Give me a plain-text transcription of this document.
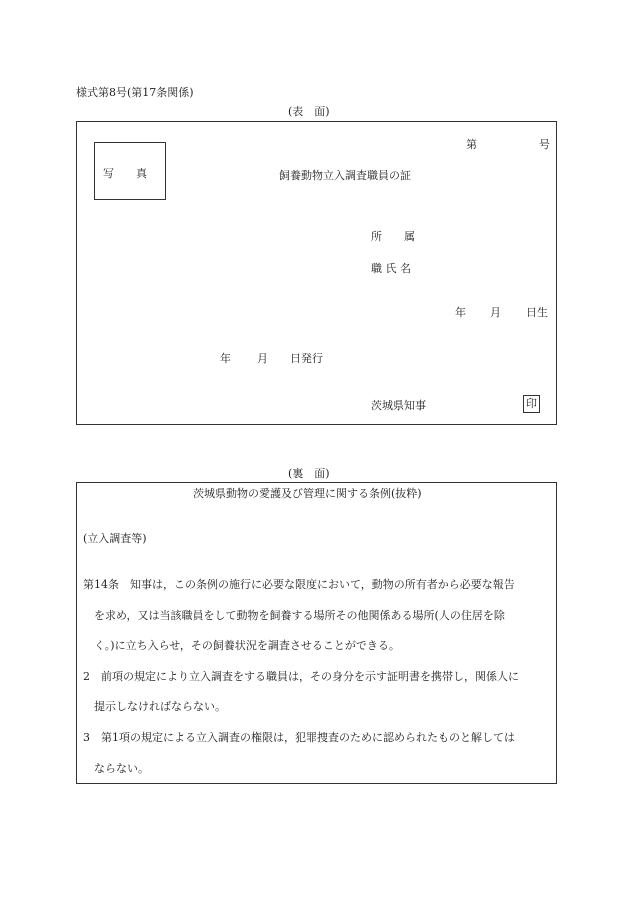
様式第8号(第17条関係)
(表　面)
第	号
写　　真	飼養動物立入調査職員の証
所　　属
職 氏 名
年 月 日生
年 月 日発行
茨城県知事	印
(裏　面)
茨城県動物の愛護及び管理に関する条例(抜粋)
(立入調査等)
第14条　知事は，この条例の施行に必要な限度において，動物の所有者から必要な報告
　を求め，又は当該職員をして動物を飼養する場所その他関係ある場所(人の住居を除
　く。)に立ち入らせ，その飼養状況を調査させることができる。
2　前項の規定により立入調査をする職員は，その身分を示す証明書を携帯し，関係人に
　提示しなければならない。
3　第1項の規定による立入調査の権限は，犯罪捜査のために認められたものと解しては
　ならない。
